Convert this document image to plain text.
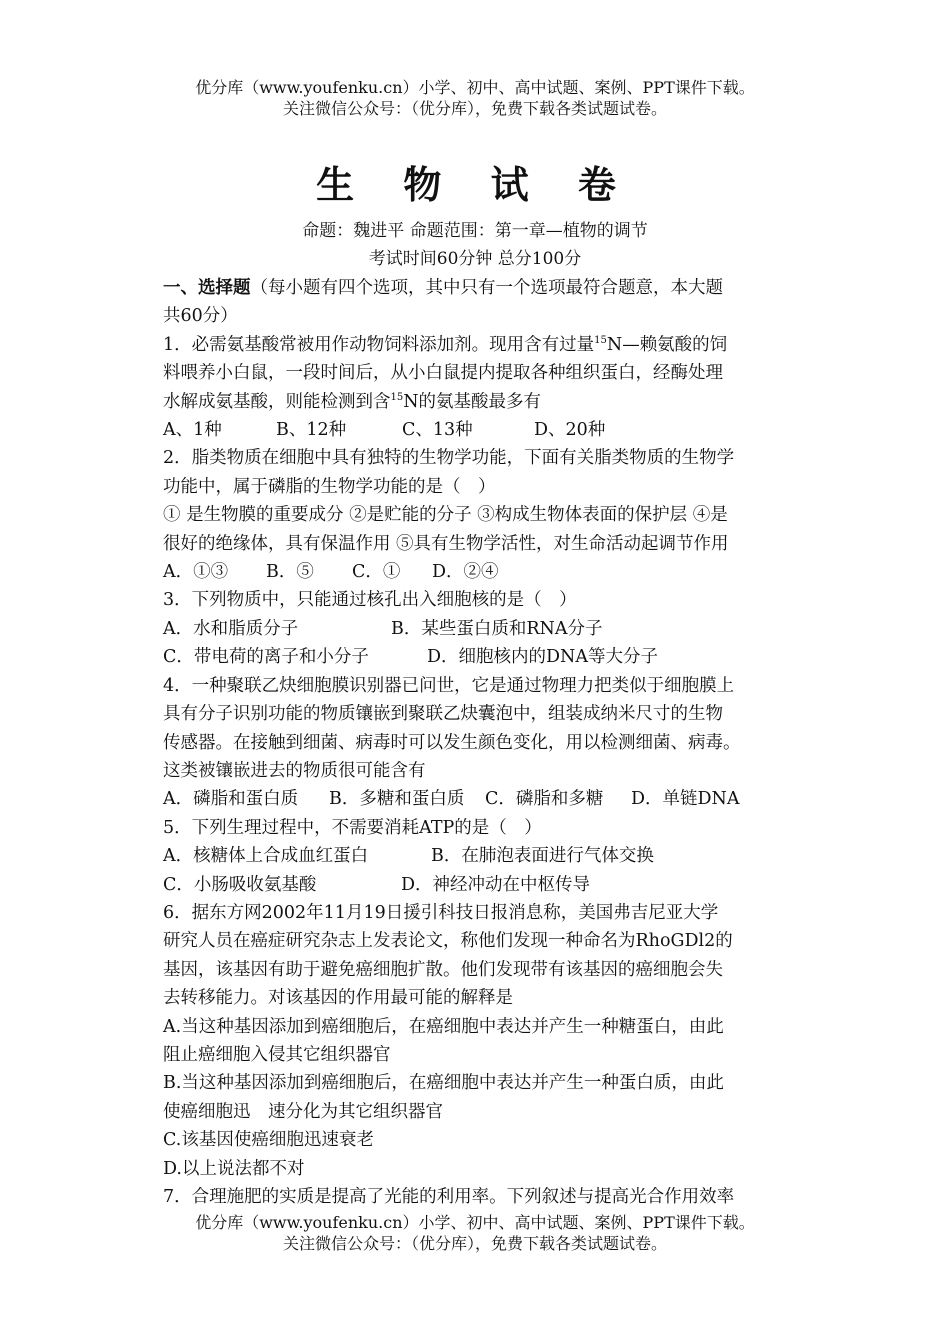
优分库（www.youfenku.cn）小学、初中、高中试题、案例、PPT课件下载。
关注微信公众号：（优分库），免费下载各类试题试卷。
生 物 试 卷
命题：魏进平 命题范围：第一章—植物的调节
考试时间60分钟 总分100分

一、选择题（每小题有四个选项，其中只有一个选项最符合题意，本大题

共60分）

1．必需氨基酸常被用作动物饲料添加剂。现用含有过量$^{15}$N—赖氨酸的饲

料喂养小白鼠，一段时间后，从小白鼠提内提取各种组织蛋白，经酶处理

水解成氨基酸，则能检测到含$^{15}$N的氨基酸最多有

A、1种	B、12种	C、13种	D、20种

2．脂类物质在细胞中具有独特的生物学功能，下面有关脂类物质的生物学

功能中，属于磷脂的生物学功能的是（　）

① 是生物膜的重要成分 ②是贮能的分子 ③构成生物体表面的保护层 ④是

很好的绝缘体，具有保温作用 ⑤具有生物学活性，对生命活动起调节作用

A．①③ B．⑤ C．① D．②④

3．下列物质中，只能通过核孔出入细胞核的是（　）

A．水和脂质分子	B．某些蛋白质和RNA分子

C．带电荷的离子和小分子	D．细胞核内的DNA等大分子

4．一种聚联乙炔细胞膜识别器已问世，它是通过物理力把类似于细胞膜上

具有分子识别功能的物质镶嵌到聚联乙炔囊泡中，组装成纳米尺寸的生物

传感器。在接触到细菌、病毒时可以发生颜色变化，用以检测细菌、病毒。

这类被镶嵌进去的物质很可能含有

A．磷脂和蛋白质 B．多糖和蛋白质 C．磷脂和多糖 D．单链DNA

5．下列生理过程中，不需要消耗ATP的是（　）

A．核糖体上合成血红蛋白	B．在肺泡表面进行气体交换

C．小肠吸收氨基酸	D．神经冲动在中枢传导

6．据东方网2002年11月19日援引科技日报消息称，美国弗吉尼亚大学

研究人员在癌症研究杂志上发表论文，称他们发现一种命名为RhoGDl2的

基因，该基因有助于避免癌细胞扩散。他们发现带有该基因的癌细胞会失

去转移能力。对该基因的作用最可能的解释是

A.当这种基因添加到癌细胞后，在癌细胞中表达并产生一种糖蛋白，由此

阻止癌细胞入侵其它组织器官

B.当这种基因添加到癌细胞后，在癌细胞中表达并产生一种蛋白质，由此

使癌细胞迅　速分化为其它组织器官

C.该基因使癌细胞迅速衰老

D.以上说法都不对

7．合理施肥的实质是提高了光能的利用率。下列叙述与提高光合作用效率

优分库（www.youfenku.cn）小学、初中、高中试题、案例、PPT课件下载。
关注微信公众号：（优分库），免费下载各类试题试卷。
